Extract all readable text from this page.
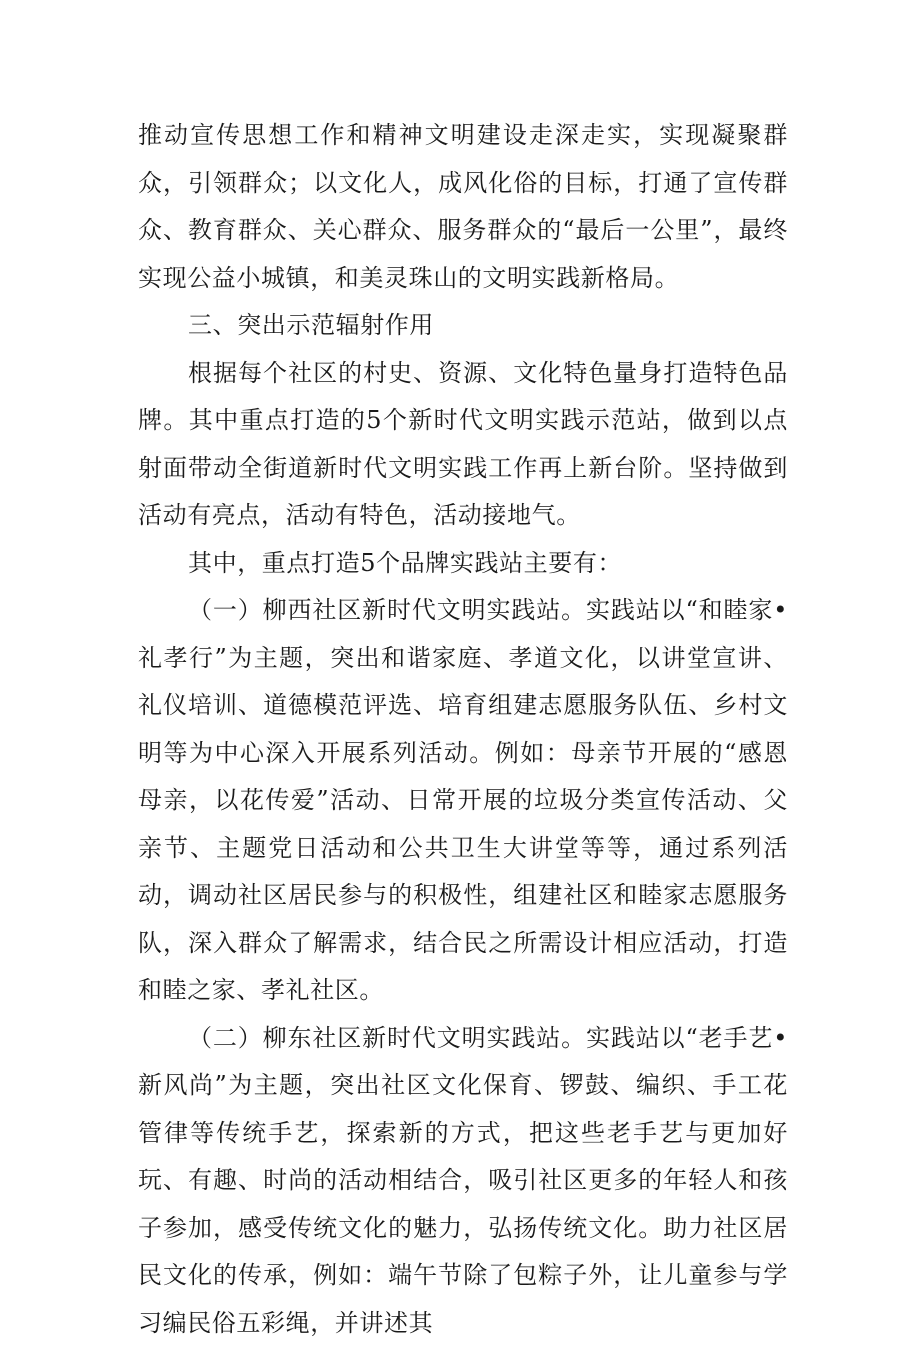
推动宣传思想工作和精神文明建设走深走实，实现凝聚群众，引领群众；以文化人，成风化俗的目标，打通了宣传群众、教育群众、关心群众、服务群众的“最后一公里”，最终实现公益小城镇，和美灵珠山的文明实践新格局。

三、突出示范辐射作用

根据每个社区的村史、资源、文化特色量身打造特色品牌。其中重点打造的5个新时代文明实践示范站，做到以点射面带动全街道新时代文明实践工作再上新台阶。坚持做到活动有亮点，活动有特色，活动接地气。

其中，重点打造5个品牌实践站主要有：

（一）柳西社区新时代文明实践站。实践站以“和睦家•礼孝行”为主题，突出和谐家庭、孝道文化，以讲堂宣讲、礼仪培训、道德模范评选、培育组建志愿服务队伍、乡村文明等为中心深入开展系列活动。例如：母亲节开展的“感恩母亲，以花传爱”活动、日常开展的垃圾分类宣传活动、父亲节、主题党日活动和公共卫生大讲堂等等，通过系列活动，调动社区居民参与的积极性，组建社区和睦家志愿服务队，深入群众了解需求，结合民之所需设计相应活动，打造和睦之家、孝礼社区。

（二）柳东社区新时代文明实践站。实践站以“老手艺•新风尚”为主题，突出社区文化保育、锣鼓、编织、手工花管律等传统手艺，探索新的方式，把这些老手艺与更加好玩、有趣、时尚的活动相结合，吸引社区更多的年轻人和孩子参加，感受传统文化的魅力，弘扬传统文化。助力社区居民文化的传承，例如：端午节除了包粽子外，让儿童参与学习编民俗五彩绳，并讲述其
